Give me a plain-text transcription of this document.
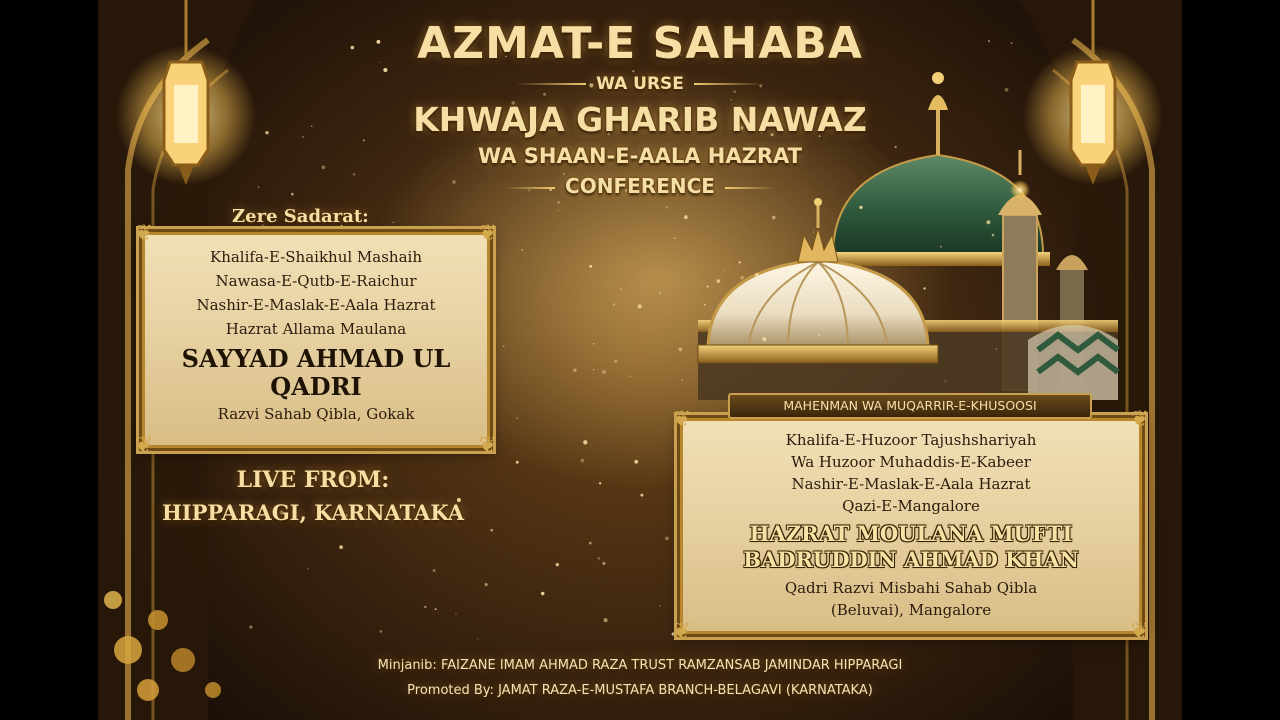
AZMAT-E SAHABA
WA URSE
KHWAJA GHARIB NAWAZ
WA SHAAN-E-AALA HAZRAT
CONFERENCE
Zere Sadarat:
❦	❦
❦	❦
Khalifa-E-Shaikhul Mashaih
Nawasa-E-Qutb-E-Raichur
Nashir-E-Maslak-E-Aala Hazrat
Hazrat Allama Maulana
SAYYAD AHMAD UL
QADRI
Razvi Sahab Qibla, Gokak
LIVE FROM:
HIPPARAGI, KARNATAKA
❦	❦
❦	❦
Khalifa-E-Huzoor Tajushshariyah
Wa Huzoor Muhaddis-E-Kabeer
Nashir-E-Maslak-E-Aala Hazrat
Qazi-E-Mangalore
HAZRAT MOULANA MUFTI
BADRUDDIN AHMAD KHAN
Qadri Razvi Misbahi Sahab Qibla
(Beluvai), Mangalore
MAHENMAN WA MUQARRIR-E-KHUSOOSI
Minjanib: FAIZANE IMAM AHMAD RAZA TRUST RAMZANSAB JAMINDAR HIPPARAGI
Promoted By: JAMAT RAZA-E-MUSTAFA BRANCH-BELAGAVI (KARNATAKA)
